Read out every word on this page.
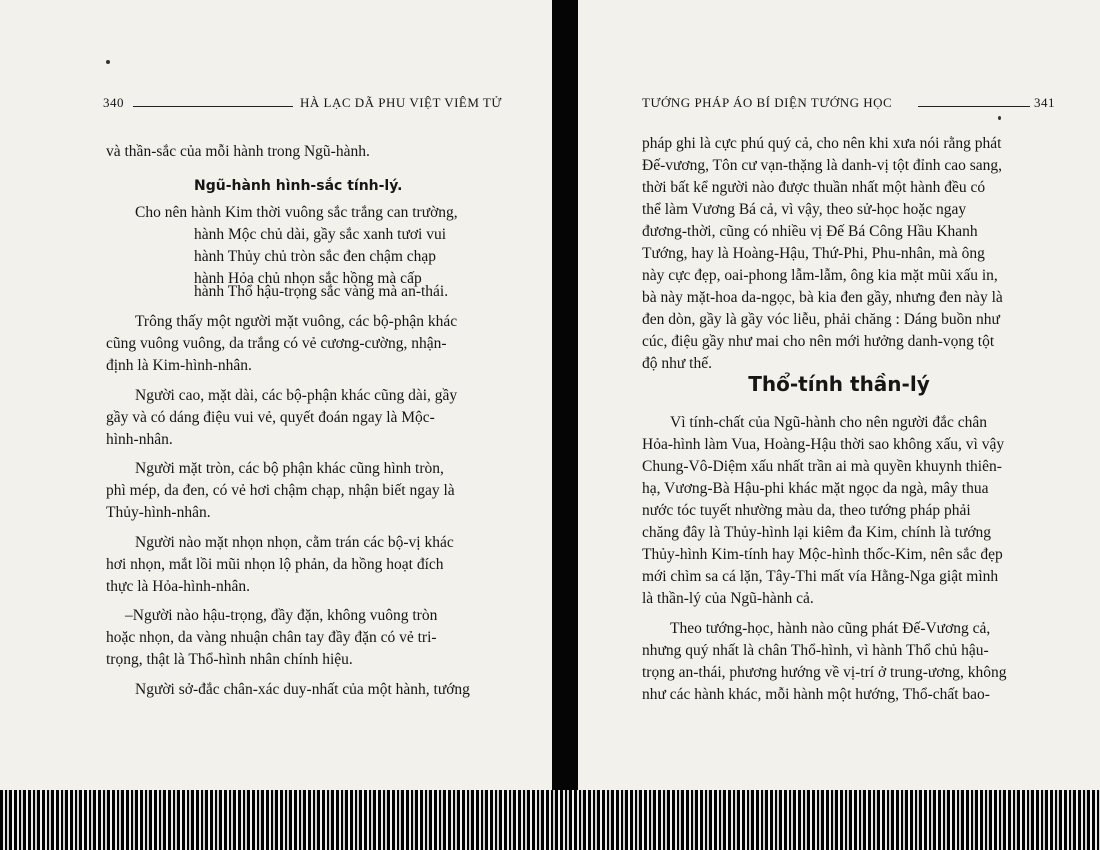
340	HÀ LẠC DÃ PHU VIỆT VIÊM TỬ
và thần-sắc của mỗi hành trong Ngũ-hành.
Ngũ-hành hình-sắc tính-lý.
Cho nên hành Kim thời vuông sắc trắng can trường,
hành Mộc chủ dài, gầy sắc xanh tươi vui
hành Thủy chủ tròn sắc đen chậm chạp
hành Hỏa chủ nhọn sắc hồng mà cấp
hành Thổ hậu-trọng sắc vàng mà an-thái.
Trông thấy một người mặt vuông, các bộ-phận khác
cũng vuông vuông, da trắng có vẻ cương-cường, nhận-
định là Kim-hình-nhân.
Người cao, mặt dài, các bộ-phận khác cũng dài, gầy
gầy và có dáng điệu vui vẻ, quyết đoán ngay là Mộc-
hình-nhân.
Người mặt tròn, các bộ phận khác cũng hình tròn,
phì mép, da đen, có vẻ hơi chậm chạp, nhận biết ngay là
Thủy-hình-nhân.
Người nào mặt nhọn nhọn, cằm trán các bộ-vị khác
hơi nhọn, mắt lồi mũi nhọn lộ phản, da hồng hoạt đích
thực là Hỏa-hình-nhân.
–Người nào hậu-trọng, đầy đặn, không vuông tròn
hoặc nhọn, da vàng nhuận chân tay đầy đặn có vẻ tri-
trọng, thật là Thổ-hình nhân chính hiệu.
Người sở-đắc chân-xác duy-nhất của một hành, tướng
TƯỚNG PHÁP ÁO BÍ DIỆN TƯỚNG HỌC	341
pháp ghi là cực phú quý cả, cho nên khi xưa nói rằng phát
Đế-vương, Tôn cư vạn-thặng là danh-vị tột đỉnh cao sang,
thời bất kể người nào được thuần nhất một hành đều có
thể làm Vương Bá cả, vì vậy, theo sử-học hoặc ngay
đương-thời, cũng có nhiều vị Đế Bá Công Hầu Khanh
Tướng, hay là Hoàng-Hậu, Thứ-Phi, Phu-nhân, mà ông
này cực đẹp, oai-phong lẫm-lẫm, ông kia mặt mũi xấu in,
bà này mặt-hoa da-ngọc, bà kia đen gầy, nhưng đen này là
đen dòn, gầy là gầy vóc liễu, phải chăng : Dáng buồn như
cúc, điệu gầy như mai cho nên mới hưởng danh-vọng tột
độ như thế.
Thổ-tính thần-lý
Vì tính-chất của Ngũ-hành cho nên người đắc chân
Hỏa-hình làm Vua, Hoàng-Hậu thời sao không xấu, vì vậy
Chung-Vô-Diệm xấu nhất trần ai mà quyền khuynh thiên-
hạ, Vương-Bà Hậu-phi khác mặt ngọc da ngà, mây thua
nước tóc tuyết nhường màu da, theo tướng pháp phải
chăng đây là Thủy-hình lại kiêm đa Kim, chính là tướng
Thủy-hình Kim-tính hay Mộc-hình thốc-Kim, nên sắc đẹp
mới chìm sa cá lặn, Tây-Thi mất vía Hằng-Nga giật mình
là thần-lý của Ngũ-hành cả.
Theo tướng-học, hành nào cũng phát Đế-Vương cả,
nhưng quý nhất là chân Thổ-hình, vì hành Thổ chủ hậu-
trọng an-thái, phương hướng về vị-trí ở trung-ương, không
như các hành khác, mỗi hành một hướng, Thổ-chất bao-
